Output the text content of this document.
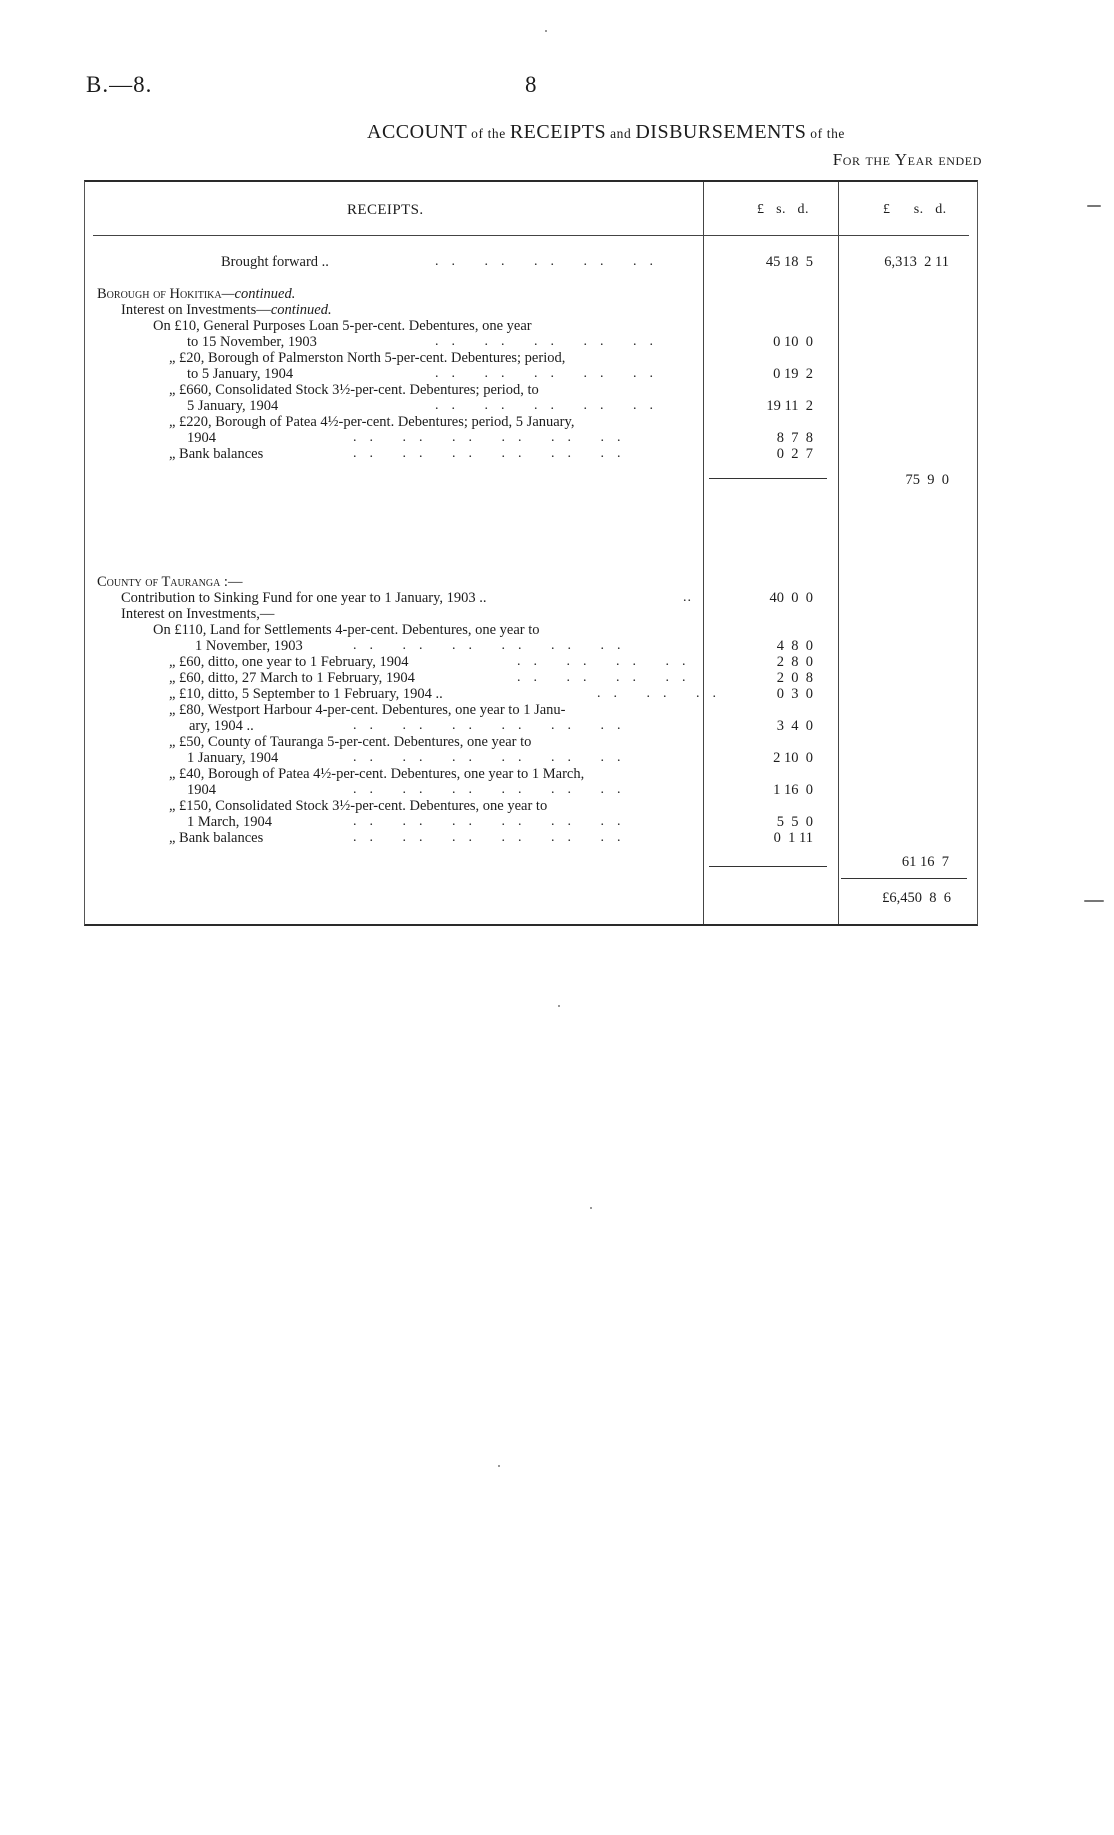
B.—8.	8
ACCOUNT of the RECEIPTS and DISBURSEMENTS of the
For the Year ended
RECEIPTS.	£   s.   d.	£      s.   d.
Brought forward ..	.. .. .. .. ..	45 18  5	6,313  2 11
Borough of Hokitika—continued.
Interest on Investments—continued.
On £10, General Purposes Loan 5-per-cent. Debentures, one year
to 15 November, 1903	.. .. .. .. ..	0 10  0
„ £20, Borough of Palmerston North 5-per-cent. Debentures; period,
to 5 January, 1904	.. .. .. .. ..	0 19  2
„ £660, Consolidated Stock 3½-per-cent. Debentures; period, to
5 January, 1904	.. .. .. .. ..	19 11  2
„ £220, Borough of Patea 4½-per-cent. Debentures; period, 5 January,
1904	.. .. .. .. .. ..	8  7  8
„ Bank balances	.. .. .. .. .. ..	0  2  7
75  9  0
County of Tauranga :—
Contribution to Sinking Fund for one year to 1 January, 1903 ..	..	40  0  0
Interest on Investments,—
On £110, Land for Settlements 4-per-cent. Debentures, one year to
1 November, 1903	.. .. .. .. .. ..	4  8  0
„ £60, ditto, one year to 1 February, 1904	.. .. .. ..	2  8  0
„ £60, ditto, 27 March to 1 February, 1904	.. .. .. ..	2  0  8
„ £10, ditto, 5 September to 1 February, 1904 ..	.. .. ..	0  3  0
„ £80, Westport Harbour 4-per-cent. Debentures, one year to 1 Janu-
ary, 1904 ..	.. .. .. .. .. ..	3  4  0
„ £50, County of Tauranga 5-per-cent. Debentures, one year to
1 January, 1904	.. .. .. .. .. ..	2 10  0
„ £40, Borough of Patea 4½-per-cent. Debentures, one year to 1 March,
1904	.. .. .. .. .. ..	1 16  0
„ £150, Consolidated Stock 3½-per-cent. Debentures, one year to
1 March, 1904	.. .. .. .. .. ..	5  5  0
„ Bank balances	.. .. .. .. .. ..	0  1 11
61 16  7
£6,450  8  6
